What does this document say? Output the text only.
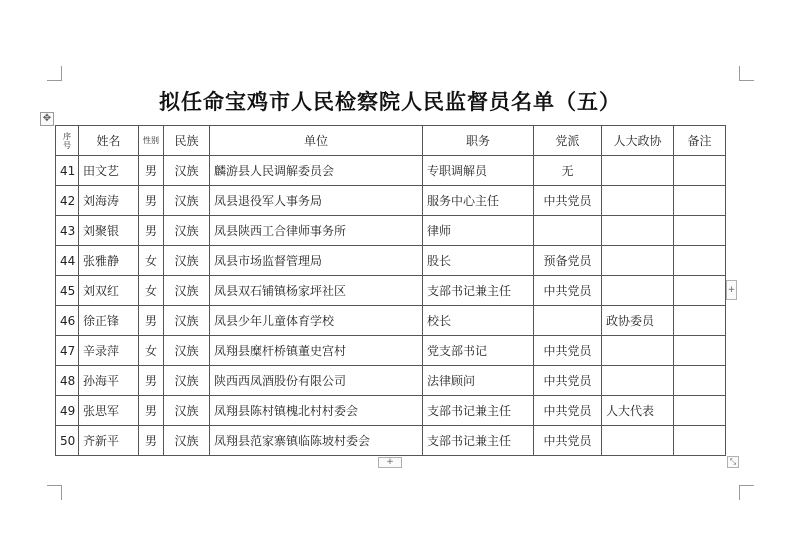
拟任命宝鸡市人民检察院人民监督员名单（五）
✥
序号	姓名	性别	民族	单位	职务	党派	人大政协	备注
41	田文艺	男	汉族	麟游县人民调解委员会	专职调解员	无		
42	刘海涛	男	汉族	凤县退役军人事务局	服务中心主任	中共党员		
43	刘聚银	男	汉族	凤县陕西工合律师事务所	律师			
44	张雅静	女	汉族	凤县市场监督管理局	股长	预备党员		
45	刘双红	女	汉族	凤县双石铺镇杨家坪社区	支部书记兼主任	中共党员		
46	徐正锋	男	汉族	凤县少年儿童体育学校	校长		政协委员	
47	辛录萍	女	汉族	凤翔县糜杆桥镇董史宫村	党支部书记	中共党员		
48	孙海平	男	汉族	陕西西凤酒股份有限公司	法律顾问	中共党员		
49	张思军	男	汉族	凤翔县陈村镇槐北村村委会	支部书记兼主任	中共党员	人大代表	
50	齐新平	男	汉族	凤翔县范家寨镇临陈坡村委会	支部书记兼主任	中共党员		
+
+
⤡
